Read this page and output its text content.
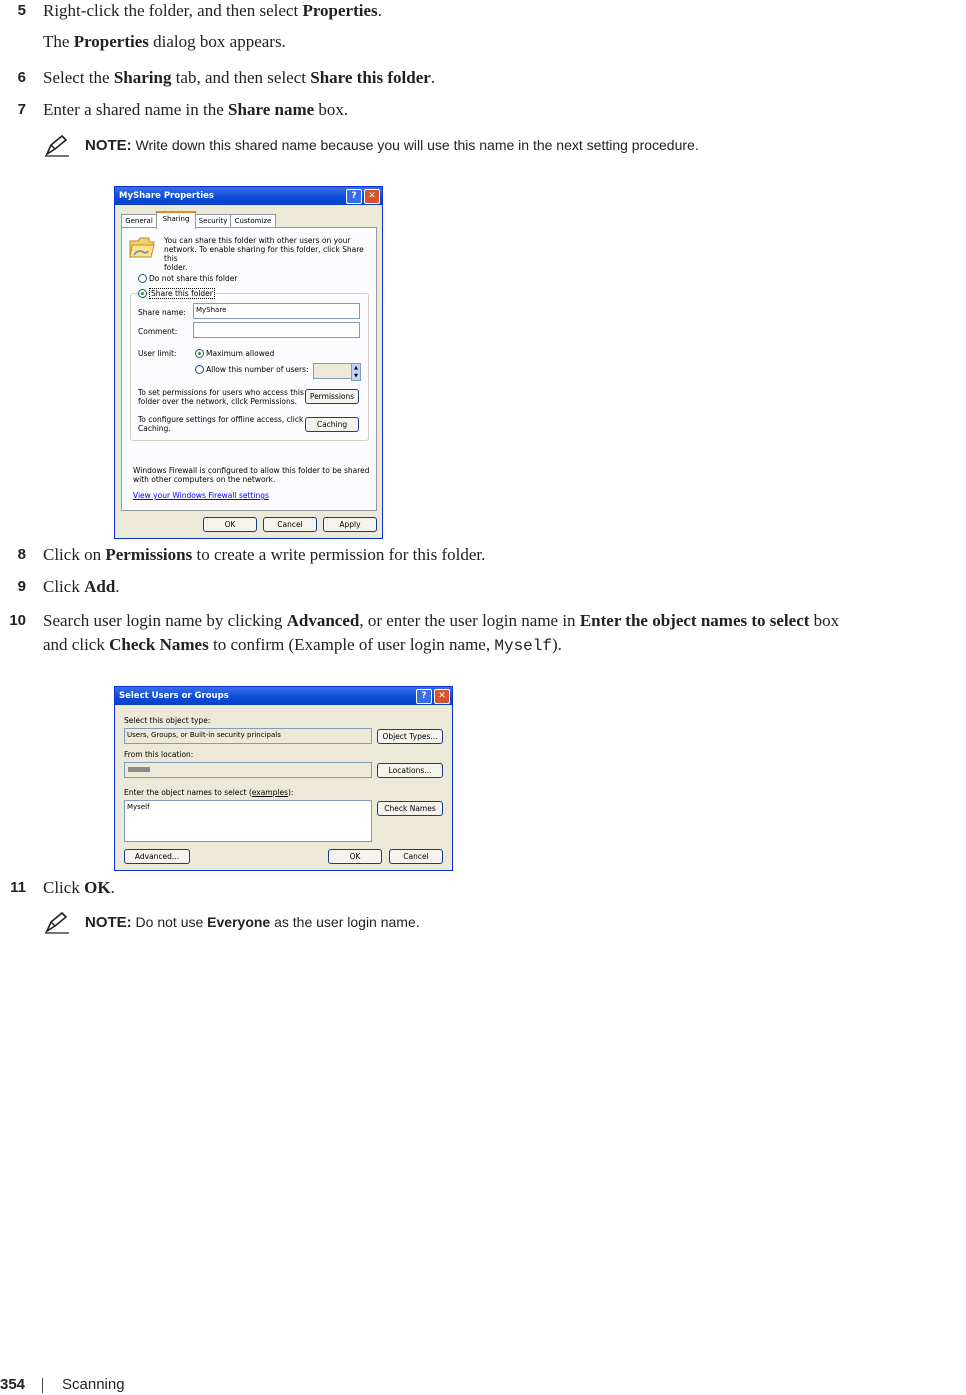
5 Right-click the folder, and then select Properties.
The Properties dialog box appears.
6 Select the Sharing tab, and then select Share this folder.
7 Enter a shared name in the Share name box.
NOTE: Write down this shared name because you will use this name in the next setting procedure.
MyShare Properties	?	✕
General	Sharing	Security	Customize
You can share this folder with other users on your
network. To enable sharing for this folder, click Share this
folder.
Do not share this folder
Share this folder
Share name:	MyShare
Comment:
User limit:	Maximum allowed
Allow this number of users:	▲
▼
To set permissions for users who access this
folder over the network, click Permissions.
Permissions
To configure settings for offline access, click
Caching.	Caching
Windows Firewall is configured to allow this folder to be shared
with other computers on the network.
View your Windows Firewall settings
OK	Cancel	Apply
8 Click on Permissions to create a write permission for this folder.
9 Click Add.
10 Search user login name by clicking Advanced, or enter the user login name in Enter the object names to select box
and click Check Names to confirm (Example of user login name, Myself).
Select Users or Groups	?	✕
Select this object type:
Users, Groups, or Built-in security principals	Object Types...
From this location:
Locations...
Enter the object names to select (examples):
Myself	Check Names
Advanced...	OK	Cancel
11 Click OK.
NOTE: Do not use Everyone as the user login name.
354 Scanning
